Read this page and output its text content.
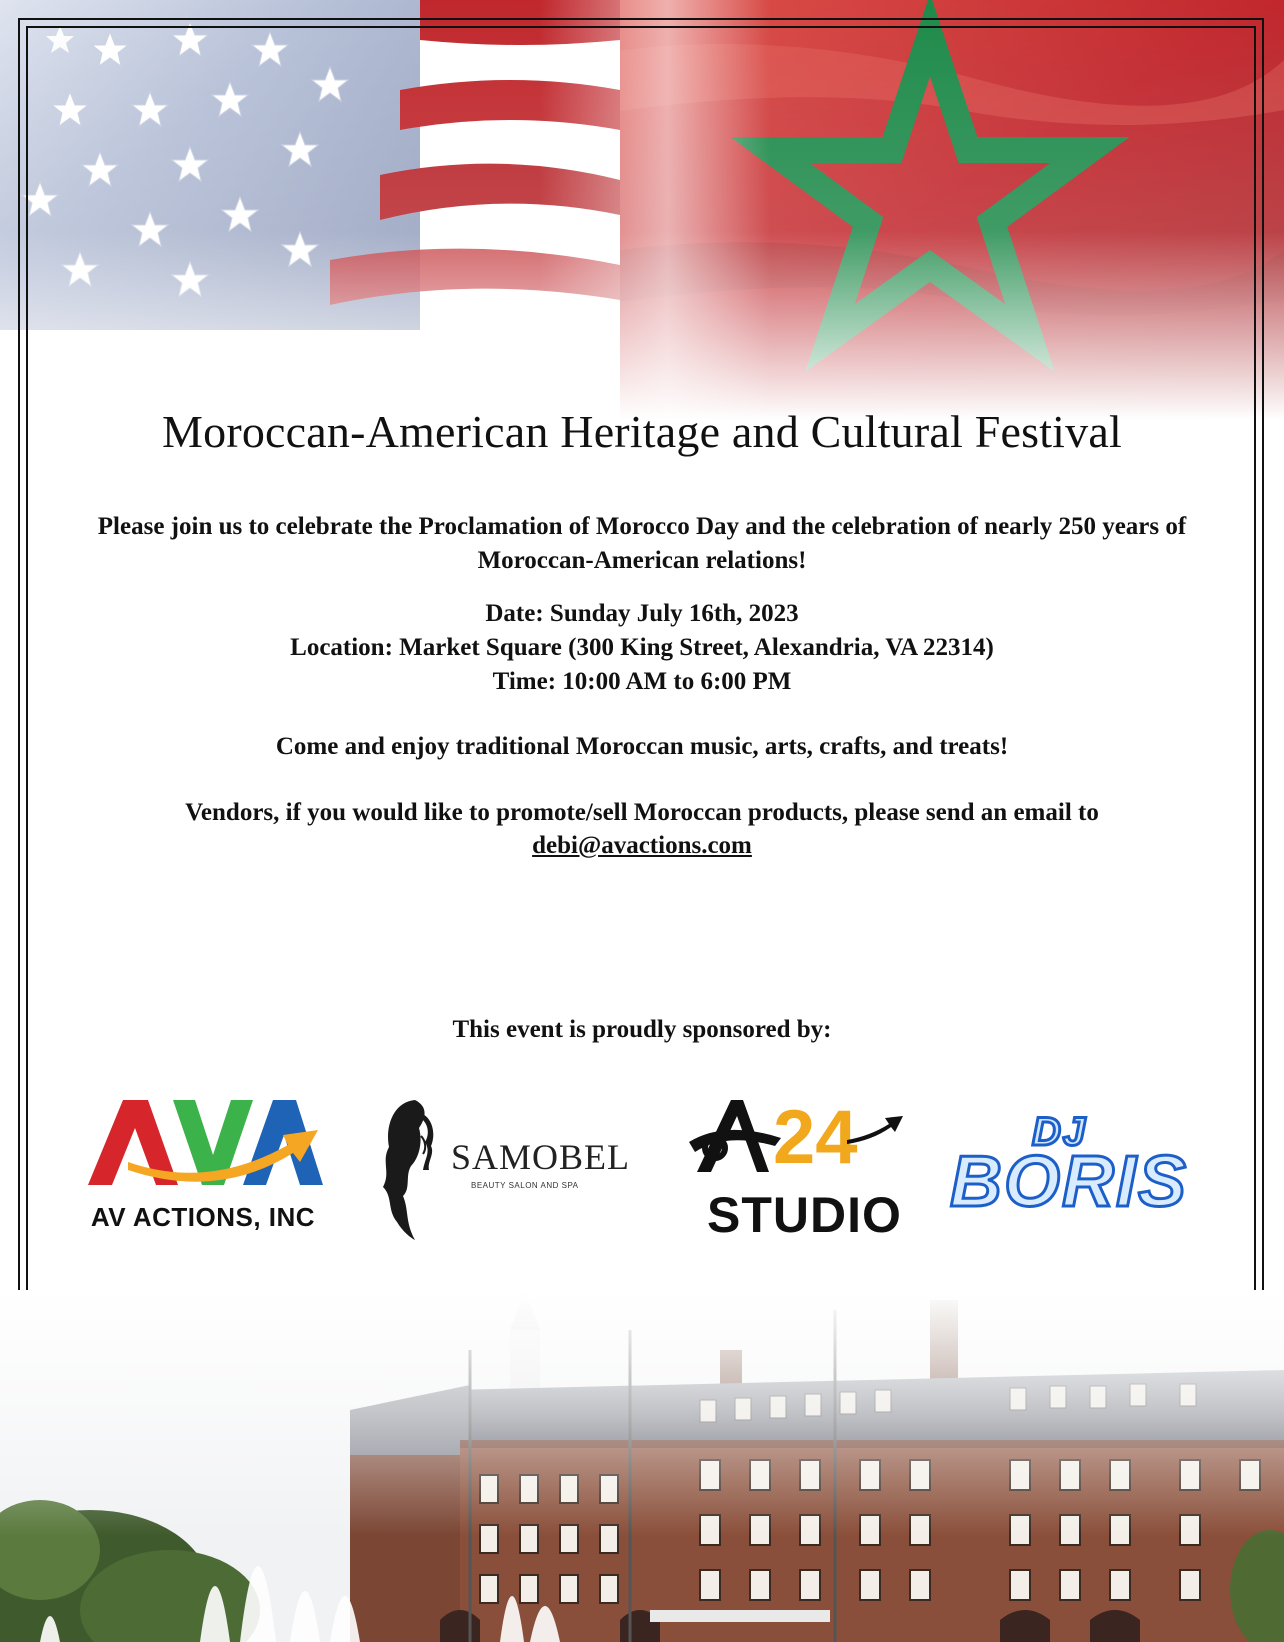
Moroccan-American Heritage and Cultural Festival
Please join us to celebrate the Proclamation of Morocco Day and the celebration of nearly 250 years of Moroccan-American relations!
Date: Sunday July 16th, 2023
Location: Market Square (300 King Street, Alexandria, VA 22314)
Time: 10:00 AM to 6:00 PM
Come and enjoy traditional Moroccan music, arts, crafts, and treats!
Vendors, if you would like to promote/sell Moroccan products, please send an email to
debi@avactions.com
This event is proudly sponsored by:
AV ACTIONS, INC
SAMOBEL
BEAUTY SALON AND SPA
24
STUDIO
DJ
BORIS
